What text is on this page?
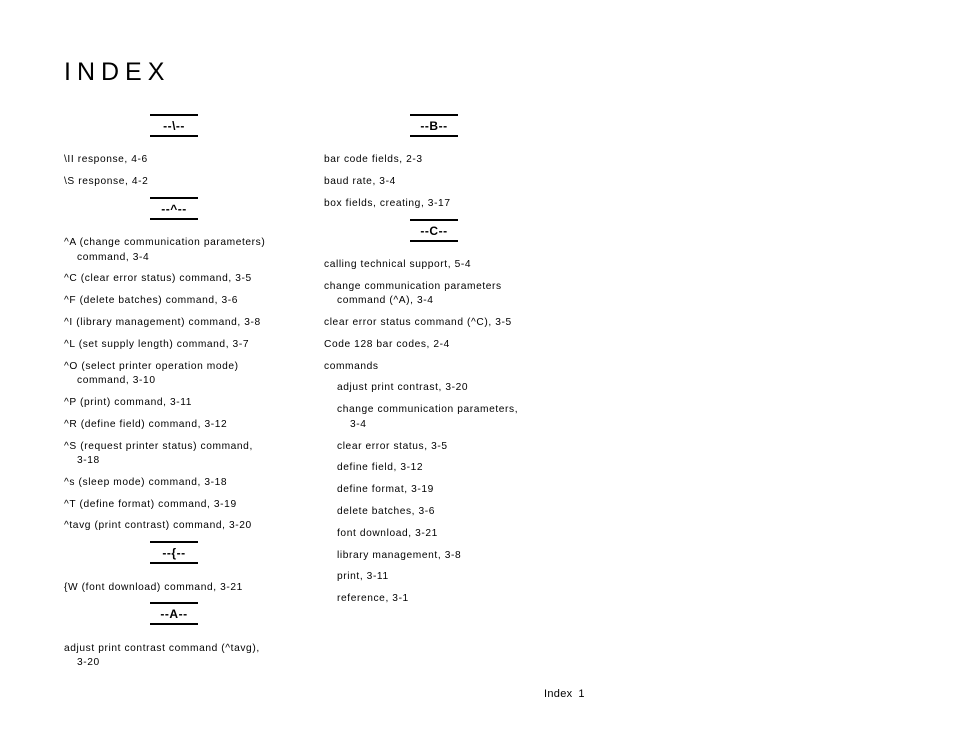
INDEX
--\--
\II response, 4-6
\S response, 4-2
--^--
^A (change communication parameters)
command, 3-4
^C (clear error status) command, 3-5
^F (delete batches) command, 3-6
^I (library management) command, 3-8
^L (set supply length) command, 3-7
^O (select printer operation mode)
command, 3-10
^P (print) command, 3-11
^R (define field) command, 3-12
^S (request printer status) command,
3-18
^s (sleep mode) command, 3-18
^T (define format) command, 3-19
^tavg (print contrast) command, 3-20
--{--
{W (font download) command, 3-21
--A--
adjust print contrast command (^tavg),
3-20
--B--
bar code fields, 2-3
baud rate, 3-4
box fields, creating, 3-17
--C--
calling technical support, 5-4
change communication parameters
command (^A), 3-4
clear error status command (^C), 3-5
Code 128 bar codes, 2-4
commands
adjust print contrast, 3-20
change communication parameters,
3-4
clear error status, 3-5
define field, 3-12
define format, 3-19
delete batches, 3-6
font download, 3-21
library management, 3-8
print, 3-11
reference, 3-1
Index 1
